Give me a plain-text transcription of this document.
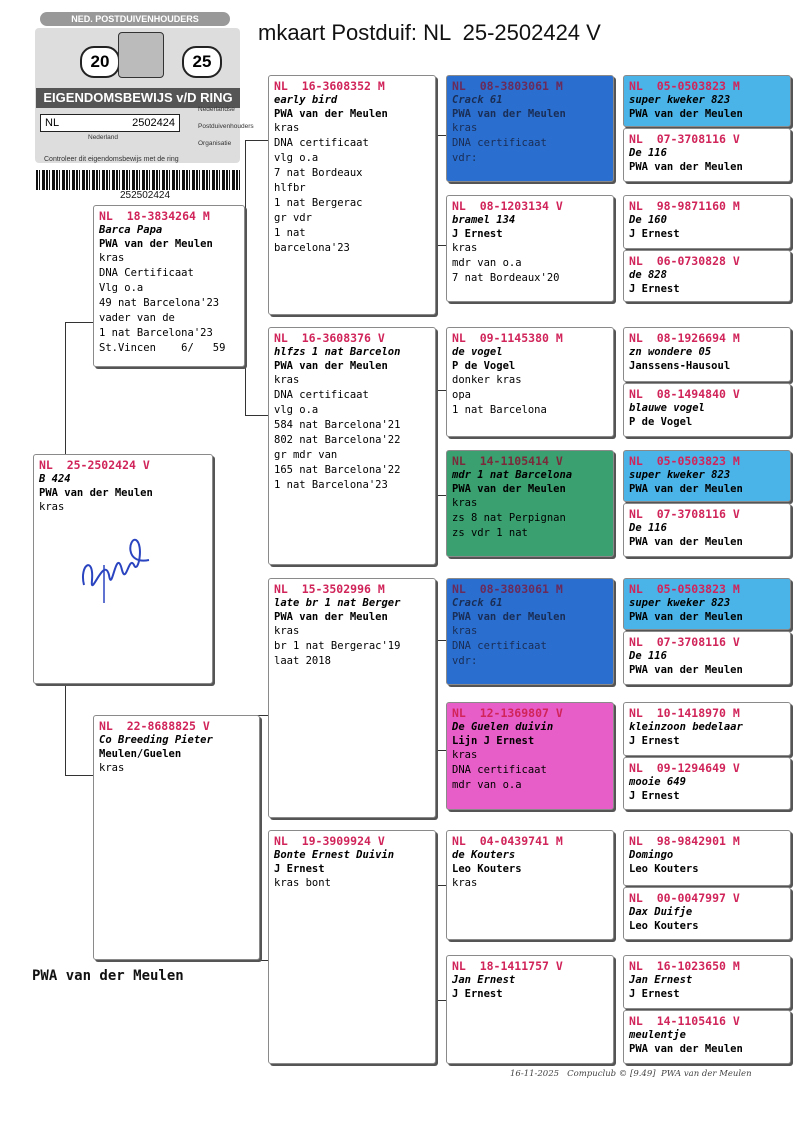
mkaart Postduif: NL  25-2502424 V
NED. POSTDUIVENHOUDERS
20	25
EIGENDOMSBEWIJS v/D RING
NL	2502424
Nederlandse
Postduivenhouders
Organisatie
Nederland
Controleer dit eigendomsbewijs met de ring
252502424
NL  25-2502424 V
B 424
PWA van der Meulen
kras
NL  18-3834264 M
Barca Papa
PWA van der Meulen
kras
DNA Certificaat
Vlg o.a
49 nat Barcelona'23
vader van de
1 nat Barcelona'23
St.Vincen    6/   59
NL  22-8688825 V
Co Breeding Pieter
Meulen/Guelen
kras
NL  16-3608352 M
early bird
PWA van der Meulen
kras
DNA certificaat
vlg o.a
7 nat Bordeaux
hlfbr
1 nat Bergerac
gr vdr
1 nat
barcelona'23
NL  16-3608376 V
hlfzs 1 nat Barcelon
PWA van der Meulen
kras
DNA certificaat
vlg o.a
584 nat Barcelona'21
802 nat Barcelona'22
gr mdr van
165 nat Barcelona'22
1 nat Barcelona'23
NL  15-3502996 M
late br 1 nat Berger
PWA van der Meulen
kras
br 1 nat Bergerac'19
laat 2018
NL  19-3909924 V
Bonte Ernest Duivin
J Ernest
kras bont
NL  08-3803061 M
Crack 61
PWA van der Meulen
kras
DNA certificaat
vdr:
NL  08-1203134 V
bramel 134
J Ernest
kras
mdr van o.a
7 nat Bordeaux'20
NL  09-1145380 M
de vogel
P de Vogel
donker kras
opa
1 nat Barcelona
NL  14-1105414 V
mdr 1 nat Barcelona
PWA van der Meulen
kras
zs 8 nat Perpignan
zs vdr 1 nat
NL  08-3803061 M
Crack 61
PWA van der Meulen
kras
DNA certificaat
vdr:
NL  12-1369807 V
De Guelen duivin
Lijn J Ernest
kras
DNA certificaat
mdr van o.a
NL  04-0439741 M
de Kouters
Leo Kouters
kras
NL  18-1411757 V
Jan Ernest
J Ernest
NL  05-0503823 M
super kweker 823
PWA van der Meulen
NL  07-3708116 V
De 116
PWA van der Meulen
NL  98-9871160 M
De 160
J Ernest
NL  06-0730828 V
de 828
J Ernest
NL  08-1926694 M
zn wondere 05
Janssens-Hausoul
NL  08-1494840 V
blauwe vogel
P de Vogel
NL  05-0503823 M
super kweker 823
PWA van der Meulen
NL  07-3708116 V
De 116
PWA van der Meulen
NL  05-0503823 M
super kweker 823
PWA van der Meulen
NL  07-3708116 V
De 116
PWA van der Meulen
NL  10-1418970 M
kleinzoon bedelaar
J Ernest
NL  09-1294649 V
mooie 649
J Ernest
NL  98-9842901 M
Domingo
Leo Kouters
NL  00-0047997 V
Dax Duifje
Leo Kouters
NL  16-1023650 M
Jan Ernest
J Ernest
NL  14-1105416 V
meulentje
PWA van der Meulen
PWA van der Meulen
16-11-2025   Compuclub © [9.49]  PWA van der Meulen
